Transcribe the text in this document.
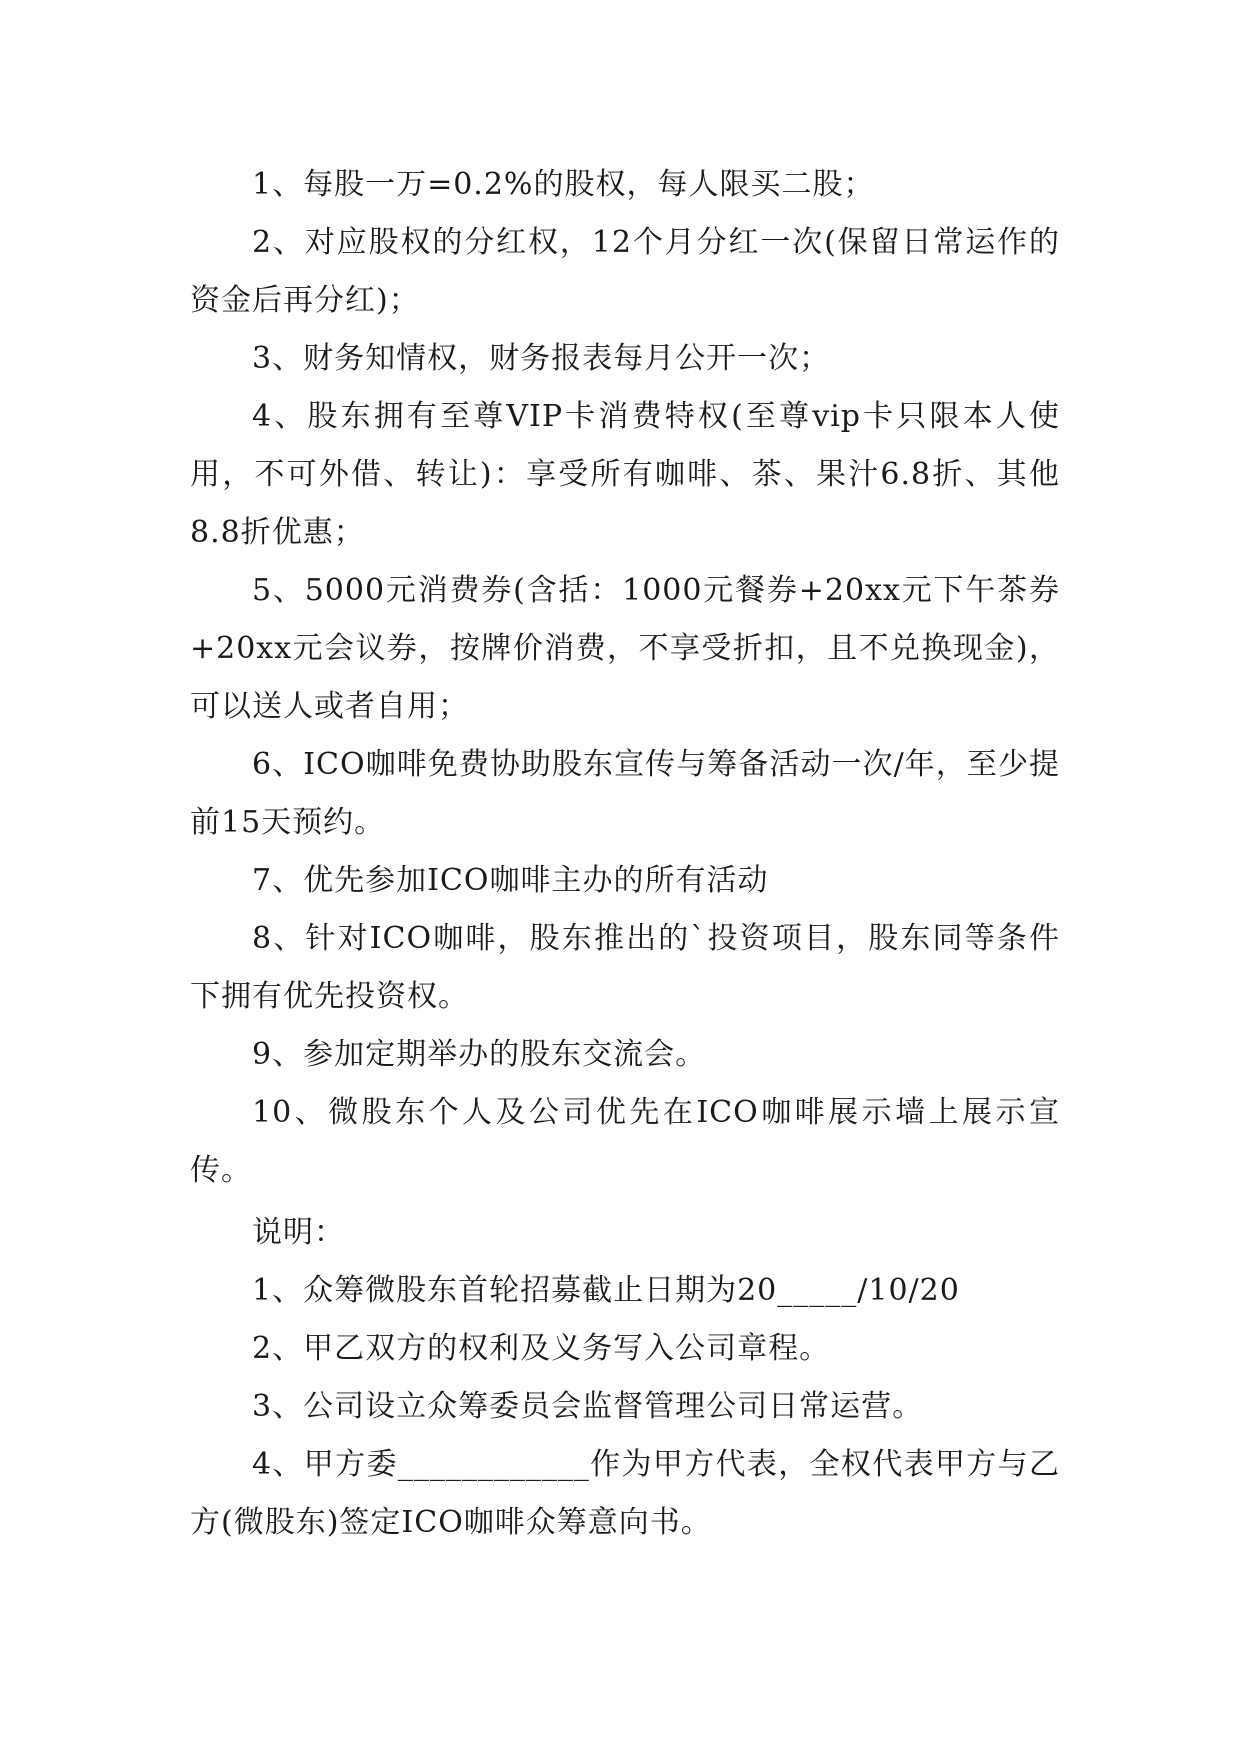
1、每股一万=0.2%的股权，每人限买二股；

2、对应股权的分红权，12个月分红一次(保留日常运作的资金后再分红)；

3、财务知情权，财务报表每月公开一次；

4、股东拥有至尊VIP卡消费特权(至尊vip卡只限本人使用，不可外借、转让)：享受所有咖啡、茶、果汁6.8折、其他8.8折优惠；

5、5000元消费券(含括：1000元餐券+20xx元下午茶券+20xx元会议券，按牌价消费，不享受折扣，且不兑换现金)，可以送人或者自用；

6、ICO咖啡免费协助股东宣传与筹备活动一次/年，至少提前15天预约。

7、优先参加ICO咖啡主办的所有活动

8、针对ICO咖啡，股东推出的`投资项目，股东同等条件下拥有优先投资权。

9、参加定期举办的股东交流会。

10、微股东个人及公司优先在ICO咖啡展示墙上展示宣传。

说明：

1、众筹微股东首轮招募截止日期为20_____/10/20

2、甲乙双方的权利及义务写入公司章程。

3、公司设立众筹委员会监督管理公司日常运营。

4、甲方委____________作为甲方代表，全权代表甲方与乙方(微股东)签定ICO咖啡众筹意向书。
